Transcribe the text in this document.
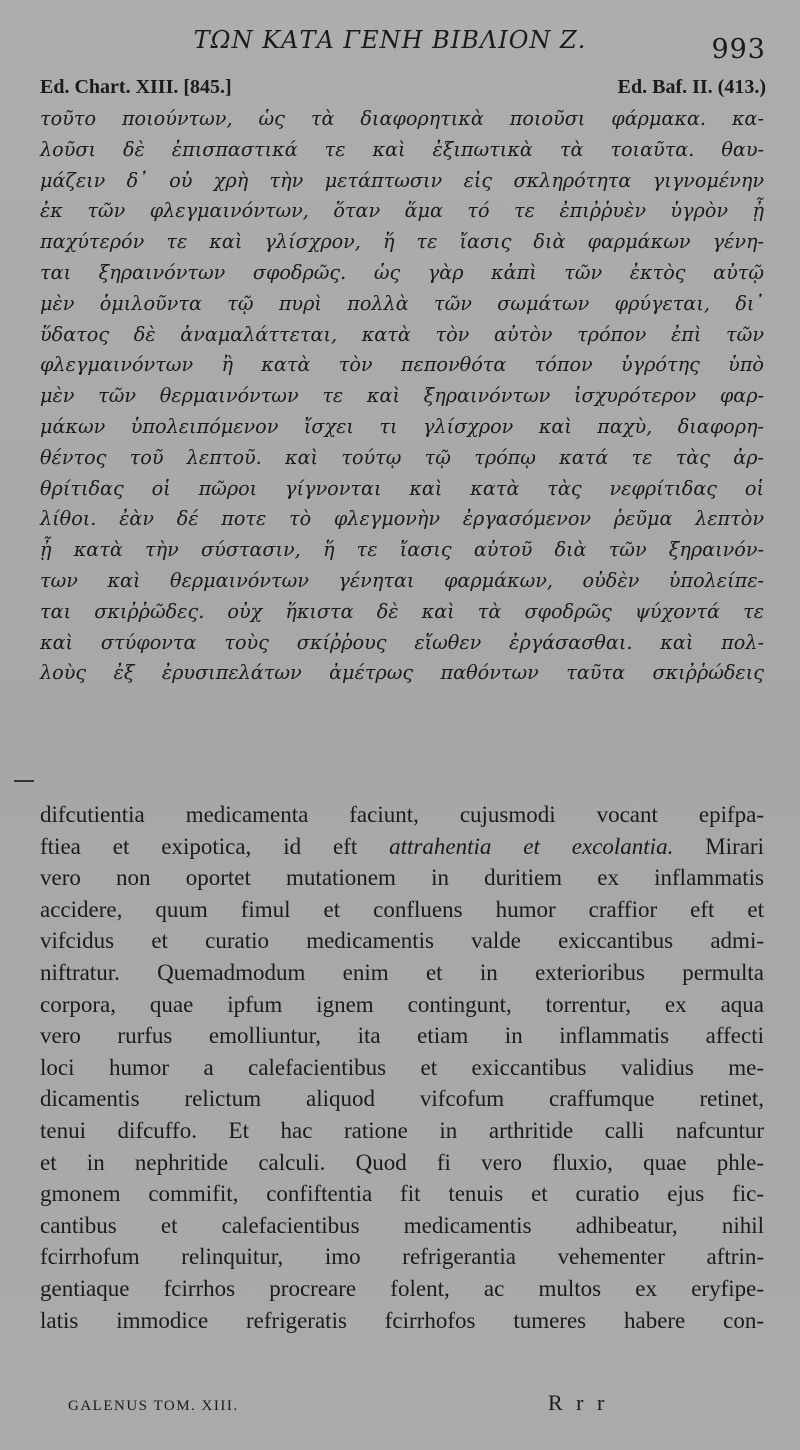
ΤΩΝ ΚΑΤΑ ΓΕΝΗ ΒΙΒΛΙΟΝ Ζ.	993
Ed. Chart. XIII. [845.]	Ed. Baf. II. (413.)
τοῦτο ποιούντων, ὡς τὰ διαφορητικὰ ποιοῦσι φάρμακα. κα-
λοῦσι δὲ ἐπισπαστικά τε καὶ ἐξιπωτικὰ τὰ τοιαῦτα. θαυ-
μάζειν δ᾽ οὐ χρὴ τὴν μετάπτωσιν εἰς σκληρότητα γιγνομένην
ἐκ τῶν φλεγμαινόντων, ὅταν ἅμα τό τε ἐπιῤῥυὲν ὑγρὸν ᾖ
παχύτερόν τε καὶ γλίσχρον, ἥ τε ἴασις διὰ φαρμάκων γένη-
ται ξηραινόντων σφοδρῶς. ὡς γὰρ κἀπὶ τῶν ἐκτὸς αὐτῷ
μὲν ὁμιλοῦντα τῷ πυρὶ πολλὰ τῶν σωμάτων φρύγεται, δι᾽
ὕδατος δὲ ἀναμαλάττεται, κατὰ τὸν αὐτὸν τρόπον ἐπὶ τῶν
φλεγμαινόντων ἢ κατὰ τὸν πεπονθότα τόπον ὑγρότης ὑπὸ
μὲν τῶν θερμαινόντων τε καὶ ξηραινόντων ἰσχυρότερον φαρ-
μάκων ὑπολειπόμενον ἴσχει τι γλίσχρον καὶ παχὺ, διαφορη-
θέντος τοῦ λεπτοῦ. καὶ τούτῳ τῷ τρόπῳ κατά τε τὰς ἀρ-
θρίτιδας οἱ πῶροι γίγνονται καὶ κατὰ τὰς νεφρίτιδας οἱ
λίθοι. ἐὰν δέ ποτε τὸ φλεγμονὴν ἐργασόμενον ῥεῦμα λεπτὸν
ᾖ κατὰ τὴν σύστασιν, ἥ τε ἴασις αὐτοῦ διὰ τῶν ξηραινόν-
των καὶ θερμαινόντων γένηται φαρμάκων, οὐδὲν ὑπολείπε-
ται σκιῤῥῶδες. οὐχ ἥκιστα δὲ καὶ τὰ σφοδρῶς ψύχοντά τε
καὶ στύφοντα τοὺς σκίῤῥους εἴωθεν ἐργάσασθαι. καὶ πολ-
λοὺς ἐξ ἐρυσιπελάτων ἀμέτρως παθόντων ταῦτα σκιῤῥώδεις
difcutientia medicamenta faciunt, cujusmodi vocant epifpa-
ftiea et exipotica, id eft attrahentia et excolantia. Mirari
vero non oportet mutationem in duritiem ex inflammatis
accidere, quum fimul et confluens humor craffior eft et
vifcidus et curatio medicamentis valde exiccantibus admi-
niftratur. Quemadmodum enim et in exterioribus permulta
corpora, quae ipfum ignem contingunt, torrentur, ex aqua
vero rurfus emolliuntur, ita etiam in inflammatis affecti
loci humor a calefacientibus et exiccantibus validius me-
dicamentis relictum aliquod vifcofum craffumque retinet,
tenui difcuffo. Et hac ratione in arthritide calli nafcuntur
et in nephritide calculi. Quod fi vero fluxio, quae phle-
gmonem commifit, confiftentia fit tenuis et curatio ejus fic-
cantibus et calefacientibus medicamentis adhibeatur, nihil
fcirrhofum relinquitur, imo refrigerantia vehementer aftrin-
gentiaque fcirrhos procreare folent, ac multos ex eryfipe-
latis immodice refrigeratis fcirrhofos tumeres habere con-
GALENUS TOM. XIII.	R r r
